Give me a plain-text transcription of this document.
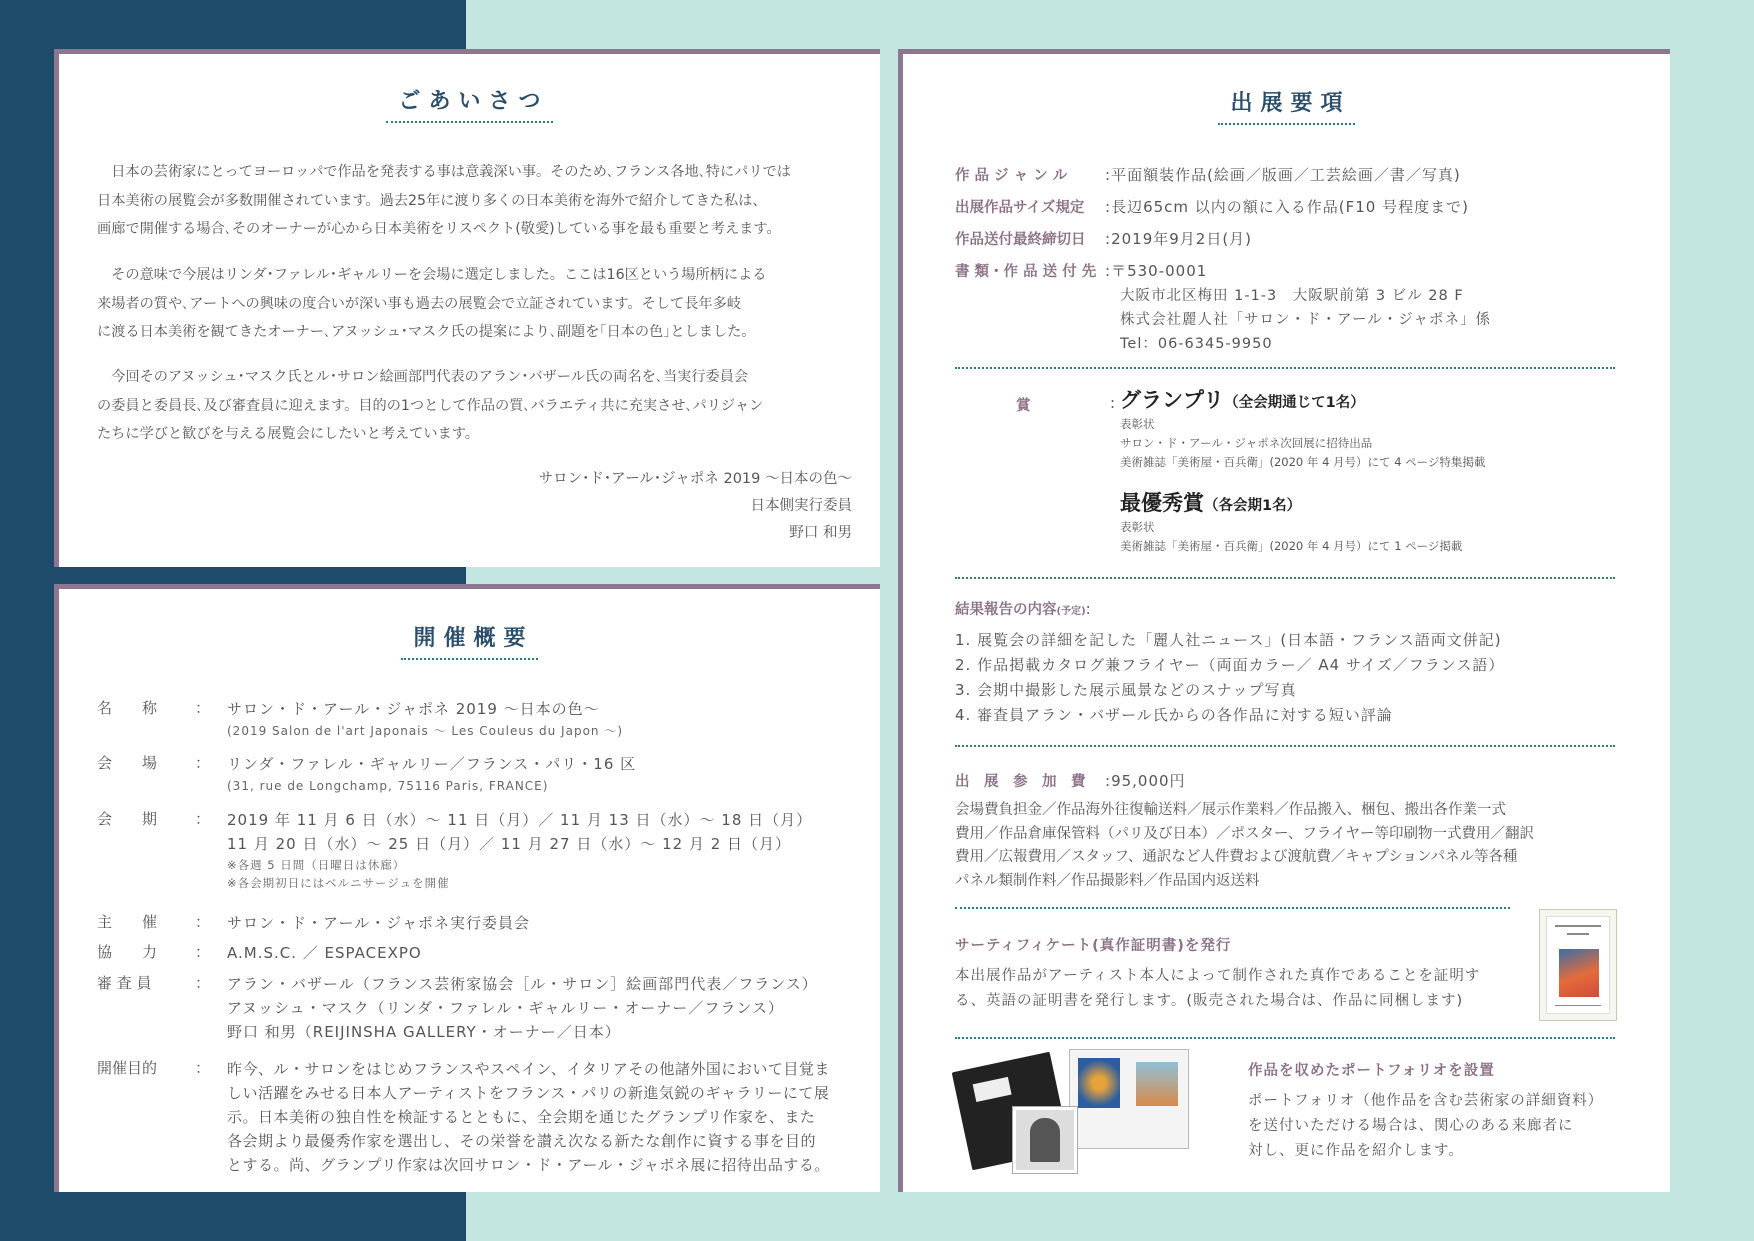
ごあいさつ

　日本の芸術家にとってヨーロッパで作品を発表する事は意義深い事。そのため､フランス各地､特にパリでは

日本美術の展覧会が多数開催されています。過去25年に渡り多くの日本美術を海外で紹介してきた私は、

画廊で開催する場合､そのオーナーが心から日本美術をリスペクト(敬愛)している事を最も重要と考えます。

　その意味で今展はリンダ･ファレル･ギャルリーを会場に選定しました。ここは16区という場所柄による

来場者の質や､アートへの興味の度合いが深い事も過去の展覧会で立証されています。そして長年多岐

に渡る日本美術を観てきたオーナー､アヌッシュ･マスク氏の提案により､副題を｢日本の色｣としました。

　今回そのアヌッシュ･マスク氏とル･サロン絵画部門代表のアラン･バザール氏の両名を､当実行委員会

の委員と委員長､及び審査員に迎えます。目的の1つとして作品の質､バラエティ共に充実させ､パリジャン

たちに学びと歓びを与える展覧会にしたいと考えています。

サロン･ド･アール･ジャポネ 2019 ～日本の色～

日本側実行委員

野口 和男

開催概要
名　　称	： サロン・ド・アール・ジャポネ 2019 ～日本の色～
(2019 Salon de l'art Japonais ～ Les Couleus du Japon ～)
会　　場	： リンダ・ファレル・ギャルリー／フランス・パリ・16 区
(31, rue de Longchamp, 75116 Paris, FRANCE)
会　　期	： 2019 年 11 月 6 日（水）～ 11 日（月）／ 11 月 13 日（水）～ 18 日（月）
11 月 20 日（水）～ 25 日（月）／ 11 月 27 日（水）～ 12 月 2 日（月）
※各週 5 日間（日曜日は休廊）
※各会期初日にはベルニサージュを開催
主　　催	： サロン・ド・アール・ジャポネ実行委員会
協　　力	： A.M.S.C. ／ ESPACEXPO
審 査 員	： アラン・バザール（フランス芸術家協会［ル・サロン］絵画部門代表／フランス）
アヌッシュ・マスク（リンダ・ファレル・ギャルリー・オーナー／フランス）
野口 和男（REIJINSHA GALLERY・オーナー／日本）
開催目的	： 昨今、ル・サロンをはじめフランスやスペイン、イタリアその他諸外国において目覚ま
しい活躍をみせる日本人アーティストをフランス・パリの新進気鋭のギャラリーにて展
示。日本美術の独自性を検証するとともに、全会期を通じたグランプリ作家を、また
各会期より最優秀作家を選出し、その栄誉を讃え次なる新たな創作に資する事を目的
とする。尚、グランプリ作家は次回サロン・ド・アール・ジャポネ展に招待出品する。
出展要項
作 品 ジ ャ ン ル	:平面額装作品(絵画／版画／工芸絵画／書／写真)
出展作品サイズ規定 :長辺65cm 以内の額に入る作品(F10 号程度まで)
作品送付最終締切日 :2019年9月2日(月)
書 類・作 品 送 付 先 :〒530-0001
大阪市北区梅田 1-1-3　大阪駅前第 3 ビル 28 F
株式会社麗人社「サロン・ド・アール・ジャポネ」係
Tel：06-6345-9950
賞	: グランプリ（全会期通じて1名）
表彰状
サロン・ド・アール・ジャポネ次回展に招待出品
美術雑誌「美術屋・百兵衛」(2020 年 4 月号）にて 4 ページ特集掲載
最優秀賞（各会期1名）
表彰状
美術雑誌「美術屋・百兵衛」(2020 年 4 月号）にて 1 ページ掲載
結果報告の内容(予定):
1. 展覧会の詳細を記した「麗人社ニュース」(日本語・フランス語両文併記)
2. 作品掲載カタログ兼フライヤー（両面カラー／ A4 サイズ／フランス語）
3. 会期中撮影した展示風景などのスナップ写真
4. 審査員アラン・バザール氏からの各作品に対する短い評論
出　展　参　加　費 :95,000円
会場費負担金／作品海外往復輸送料／展示作業料／作品搬入、梱包、搬出各作業一式
費用／作品倉庫保管料（パリ及び日本）／ポスター、フライヤー等印刷物一式費用／翻訳
費用／広報費用／スタッフ、通訳など人件費および渡航費／キャプションパネル等各種
パネル類制作料／作品撮影料／作品国内返送料
サーティフィケート(真作証明書)を発行
本出展作品がアーティスト本人によって制作された真作であることを証明す
る、英語の証明書を発行します。(販売された場合は、作品に同梱します)
作品を収めたポートフォリオを設置
ポートフォリオ（他作品を含む芸術家の詳細資料）
を送付いただける場合は、関心のある来廊者に
対し、更に作品を紹介します。
